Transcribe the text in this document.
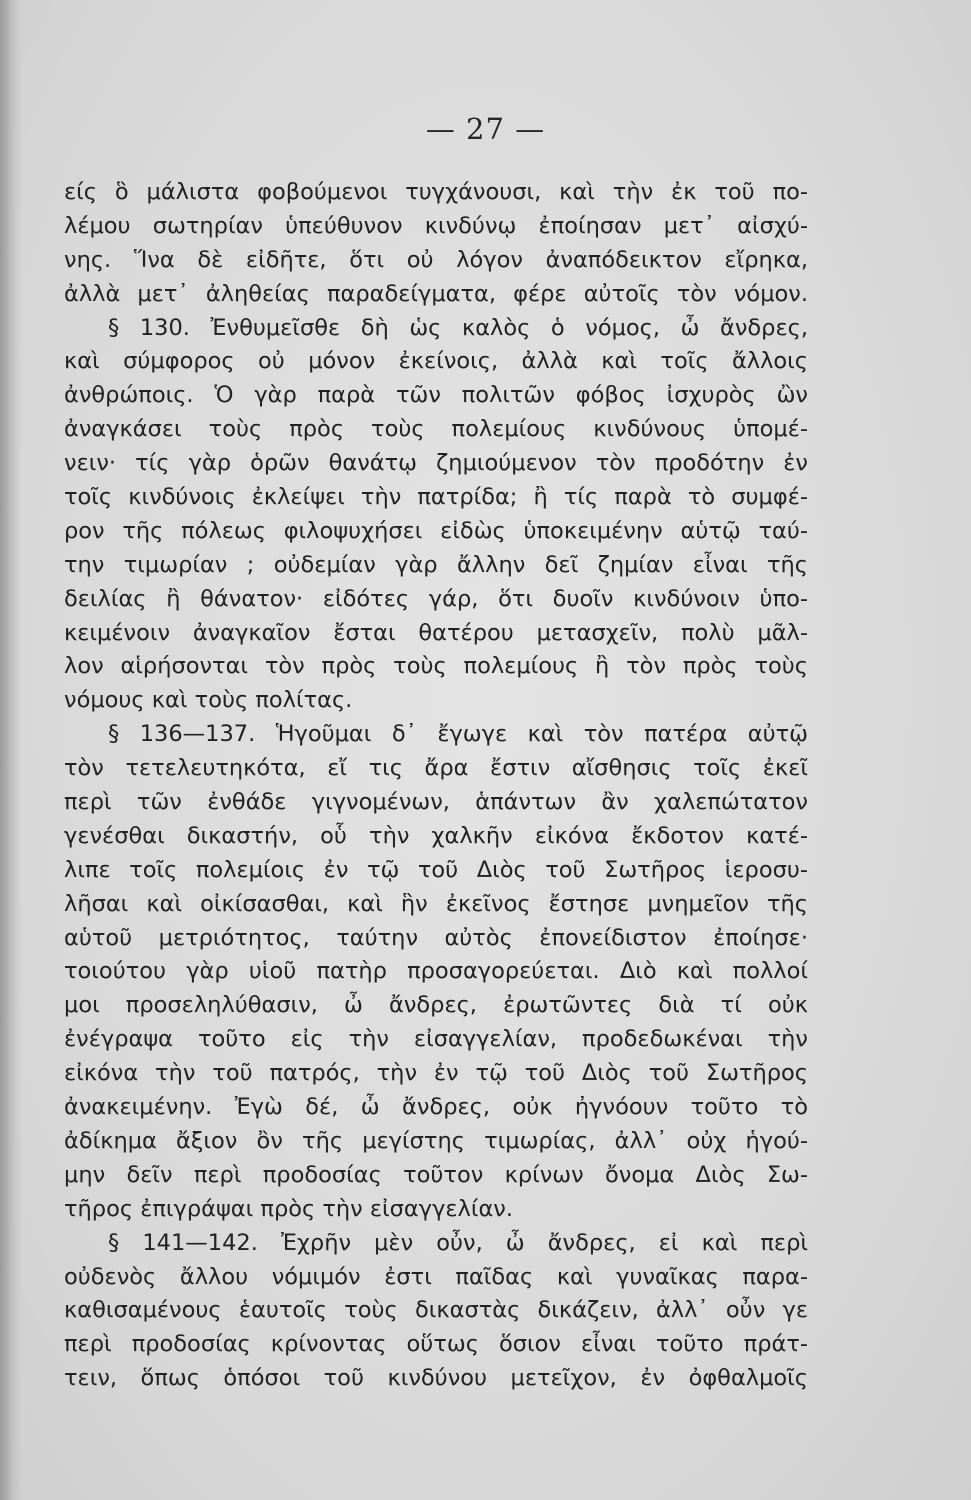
— 27 —
είς ὃ μάλιστα φοβούμενοι τυγχάνουσι, καὶ τὴν ἐκ τοῦ πο-
λέμου σωτηρίαν ὑπεύθυνον κινδύνῳ ἐποίησαν μετ᾽ αἰσχύ-
νης. Ἵνα δὲ εἰδῆτε, ὅτι οὐ λόγον ἀναπόδεικτον εἴρηκα,
ἀλλὰ μετ᾽ ἀληθείας παραδείγματα, φέρε αὐτοῖς τὸν νόμον.
§ 130. Ἐνθυμεῖσθε δὴ ὡς καλὸς ὁ νόμος, ὦ ἄνδρες,
καὶ σύμφορος οὐ μόνον ἐκείνοις, ἀλλὰ καὶ τοῖς ἄλλοις
ἀνθρώποις. Ὁ γὰρ παρὰ τῶν πολιτῶν φόβος ἰσχυρὸς ὢν
ἀναγκάσει τοὺς πρὸς τοὺς πολεμίους κινδύνους ὑπομέ-
νειν· τίς γὰρ ὁρῶν θανάτῳ ζημιούμενον τὸν προδότην ἐν
τοῖς κινδύνοις ἐκλείψει τὴν πατρίδα; ἢ τίς παρὰ τὸ συμφέ-
ρον τῆς πόλεως φιλοψυχήσει εἰδὼς ὑποκειμένην αὑτῷ ταύ-
την τιμωρίαν ; οὐδεμίαν γὰρ ἄλλην δεῖ ζημίαν εἶναι τῆς
δειλίας ἢ θάνατον· εἰδότες γάρ, ὅτι δυοῖν κινδύνοιν ὑπο-
κειμένοιν ἀναγκαῖον ἔσται θατέρου μετασχεῖν, πολὺ μᾶλ-
λον αἱρήσονται τὸν πρὸς τοὺς πολεμίους ἢ τὸν πρὸς τοὺς
νόμους καὶ τοὺς πολίτας.
§ 136—137. Ἡγοῦμαι δ᾽ ἔγωγε καὶ τὸν πατέρα αὐτῷ
τὸν τετελευτηκότα, εἴ τις ἄρα ἔστιν αἴσθησις τοῖς ἐκεῖ
περὶ τῶν ἐνθάδε γιγνομένων, ἁπάντων ἂν χαλεπώτατον
γενέσθαι δικαστήν, οὗ τὴν χαλκῆν εἰκόνα ἔκδοτον κατέ-
λιπε τοῖς πολεμίοις ἐν τῷ τοῦ Διὸς τοῦ Σωτῆρος ἱεροσυ-
λῆσαι καὶ οἰκίσασθαι, καὶ ἣν ἐκεῖνος ἔστησε μνημεῖον τῆς
αὑτοῦ μετριότητος, ταύτην αὐτὸς ἐπονείδιστον ἐποίησε·
τοιούτου γὰρ υἱοῦ πατὴρ προσαγορεύεται. Διὸ καὶ πολλοί
μοι προσεληλύθασιν, ὦ ἄνδρες, ἐρωτῶντες διὰ τί οὐκ
ἐνέγραψα τοῦτο εἰς τὴν εἰσαγγελίαν, προδεδωκέναι τὴν
εἰκόνα τὴν τοῦ πατρός, τὴν ἐν τῷ τοῦ Διὸς τοῦ Σωτῆρος
ἀνακειμένην. Ἐγὼ δέ, ὦ ἄνδρες, οὐκ ἠγνόουν τοῦτο τὸ
ἀδίκημα ἄξιον ὂν τῆς μεγίστης τιμωρίας, ἀλλ᾽ οὐχ ἡγού-
μην δεῖν περὶ προδοσίας τοῦτον κρίνων ὄνομα Διὸς Σω-
τῆρος ἐπιγράψαι πρὸς τὴν εἰσαγγελίαν.
§ 141—142. Ἐχρῆν μὲν οὖν, ὦ ἄνδρες, εἰ καὶ περὶ
οὐδενὸς ἄλλου νόμιμόν ἐστι παῖδας καὶ γυναῖκας παρα-
καθισαμένους ἑαυτοῖς τοὺς δικαστὰς δικάζειν, ἀλλ᾽ οὖν γε
περὶ προδοσίας κρίνοντας οὕτως ὅσιον εἶναι τοῦτο πράτ-
τειν, ὅπως ὁπόσοι τοῦ κινδύνου μετεῖχον, ἐν ὀφθαλμοῖς
